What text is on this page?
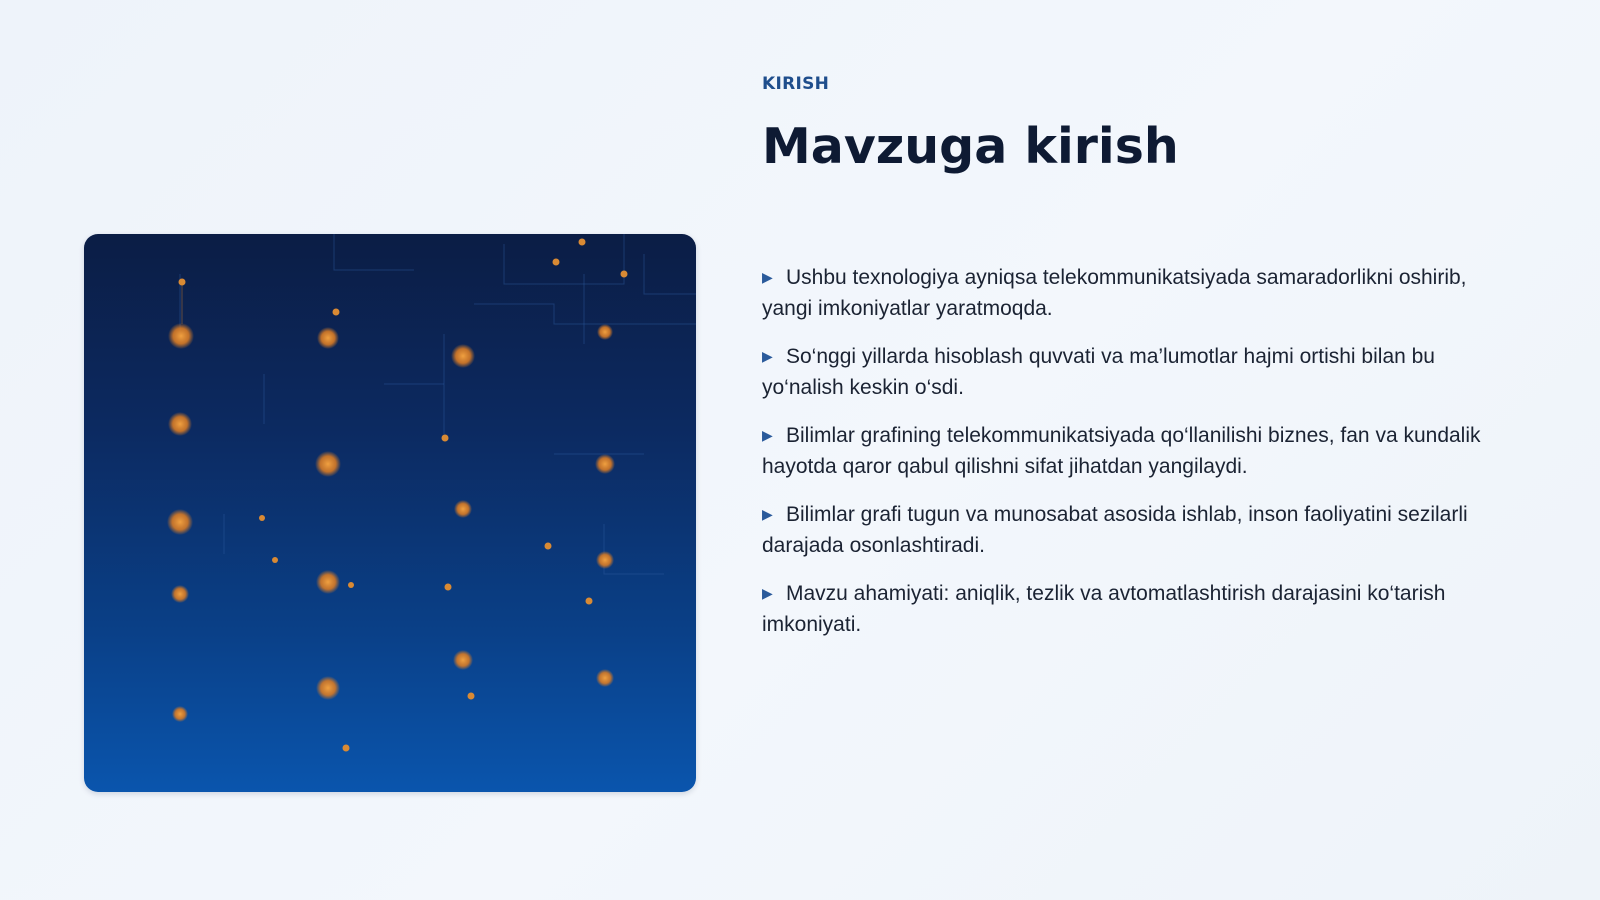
KIRISH
Mavzuga kirish
▶ Ushbu texnologiya ayniqsa telekommunikatsiyada samaradorlikni oshirib, yangi imkoniyatlar yaratmoqda.
▶ So‘nggi yillarda hisoblash quvvati va ma’lumotlar hajmi ortishi bilan bu yo‘nalish keskin o‘sdi.
▶ Bilimlar grafining telekommunikatsiyada qo‘llanilishi biznes, fan va kundalik hayotda qaror qabul qilishni sifat jihatdan yangilaydi.
▶ Bilimlar grafi tugun va munosabat asosida ishlab, inson faoliyatini sezilarli darajada osonlashtiradi.
▶ Mavzu ahamiyati: aniqlik, tezlik va avtomatlashtirish darajasini ko‘tarish imkoniyati.
